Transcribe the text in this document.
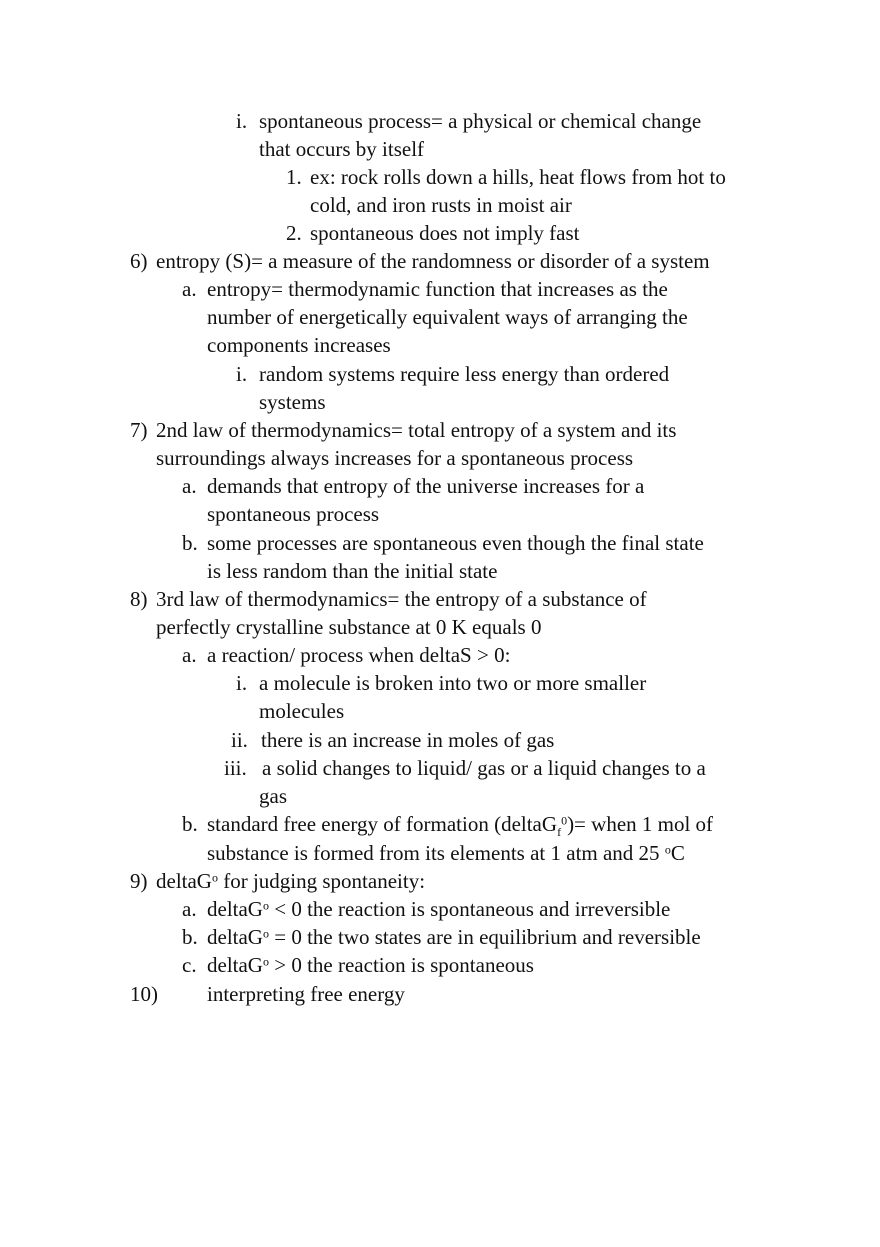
i. spontaneous process= a physical or chemical change
that occurs by itself
1. ex: rock rolls down a hills, heat flows from hot to
cold, and iron rusts in moist air
2. spontaneous does not imply fast
6) entropy (S)= a measure of the randomness or disorder of a system
a. entropy= thermodynamic function that increases as the
number of energetically equivalent ways of arranging the
components increases
i. random systems require less energy than ordered
systems
7) 2nd law of thermodynamics= total entropy of a system and its
surroundings always increases for a spontaneous process
a. demands that entropy of the universe increases for a
spontaneous process
b. some processes are spontaneous even though the final state
is less random than the initial state
8) 3rd law of thermodynamics= the entropy of a substance of
perfectly crystalline substance at 0 K equals 0
a. a reaction/ process when deltaS > 0:
i. a molecule is broken into two or more smaller
molecules
ii. there is an increase in moles of gas
iii. a solid changes to liquid/ gas or a liquid changes to a
gas
b. standard free energy of formation (deltaG$_f^0$)= when 1 mol of
substance is formed from its elements at 1 atm and 25 $^o$C
9) deltaG$^o$ for judging spontaneity:
a. deltaG$^o$ < 0 the reaction is spontaneous and irreversible
b. deltaG$^o$ = 0 the two states are in equilibrium and reversible
c. deltaG$^o$ > 0 the reaction is spontaneous
10) interpreting free energy
